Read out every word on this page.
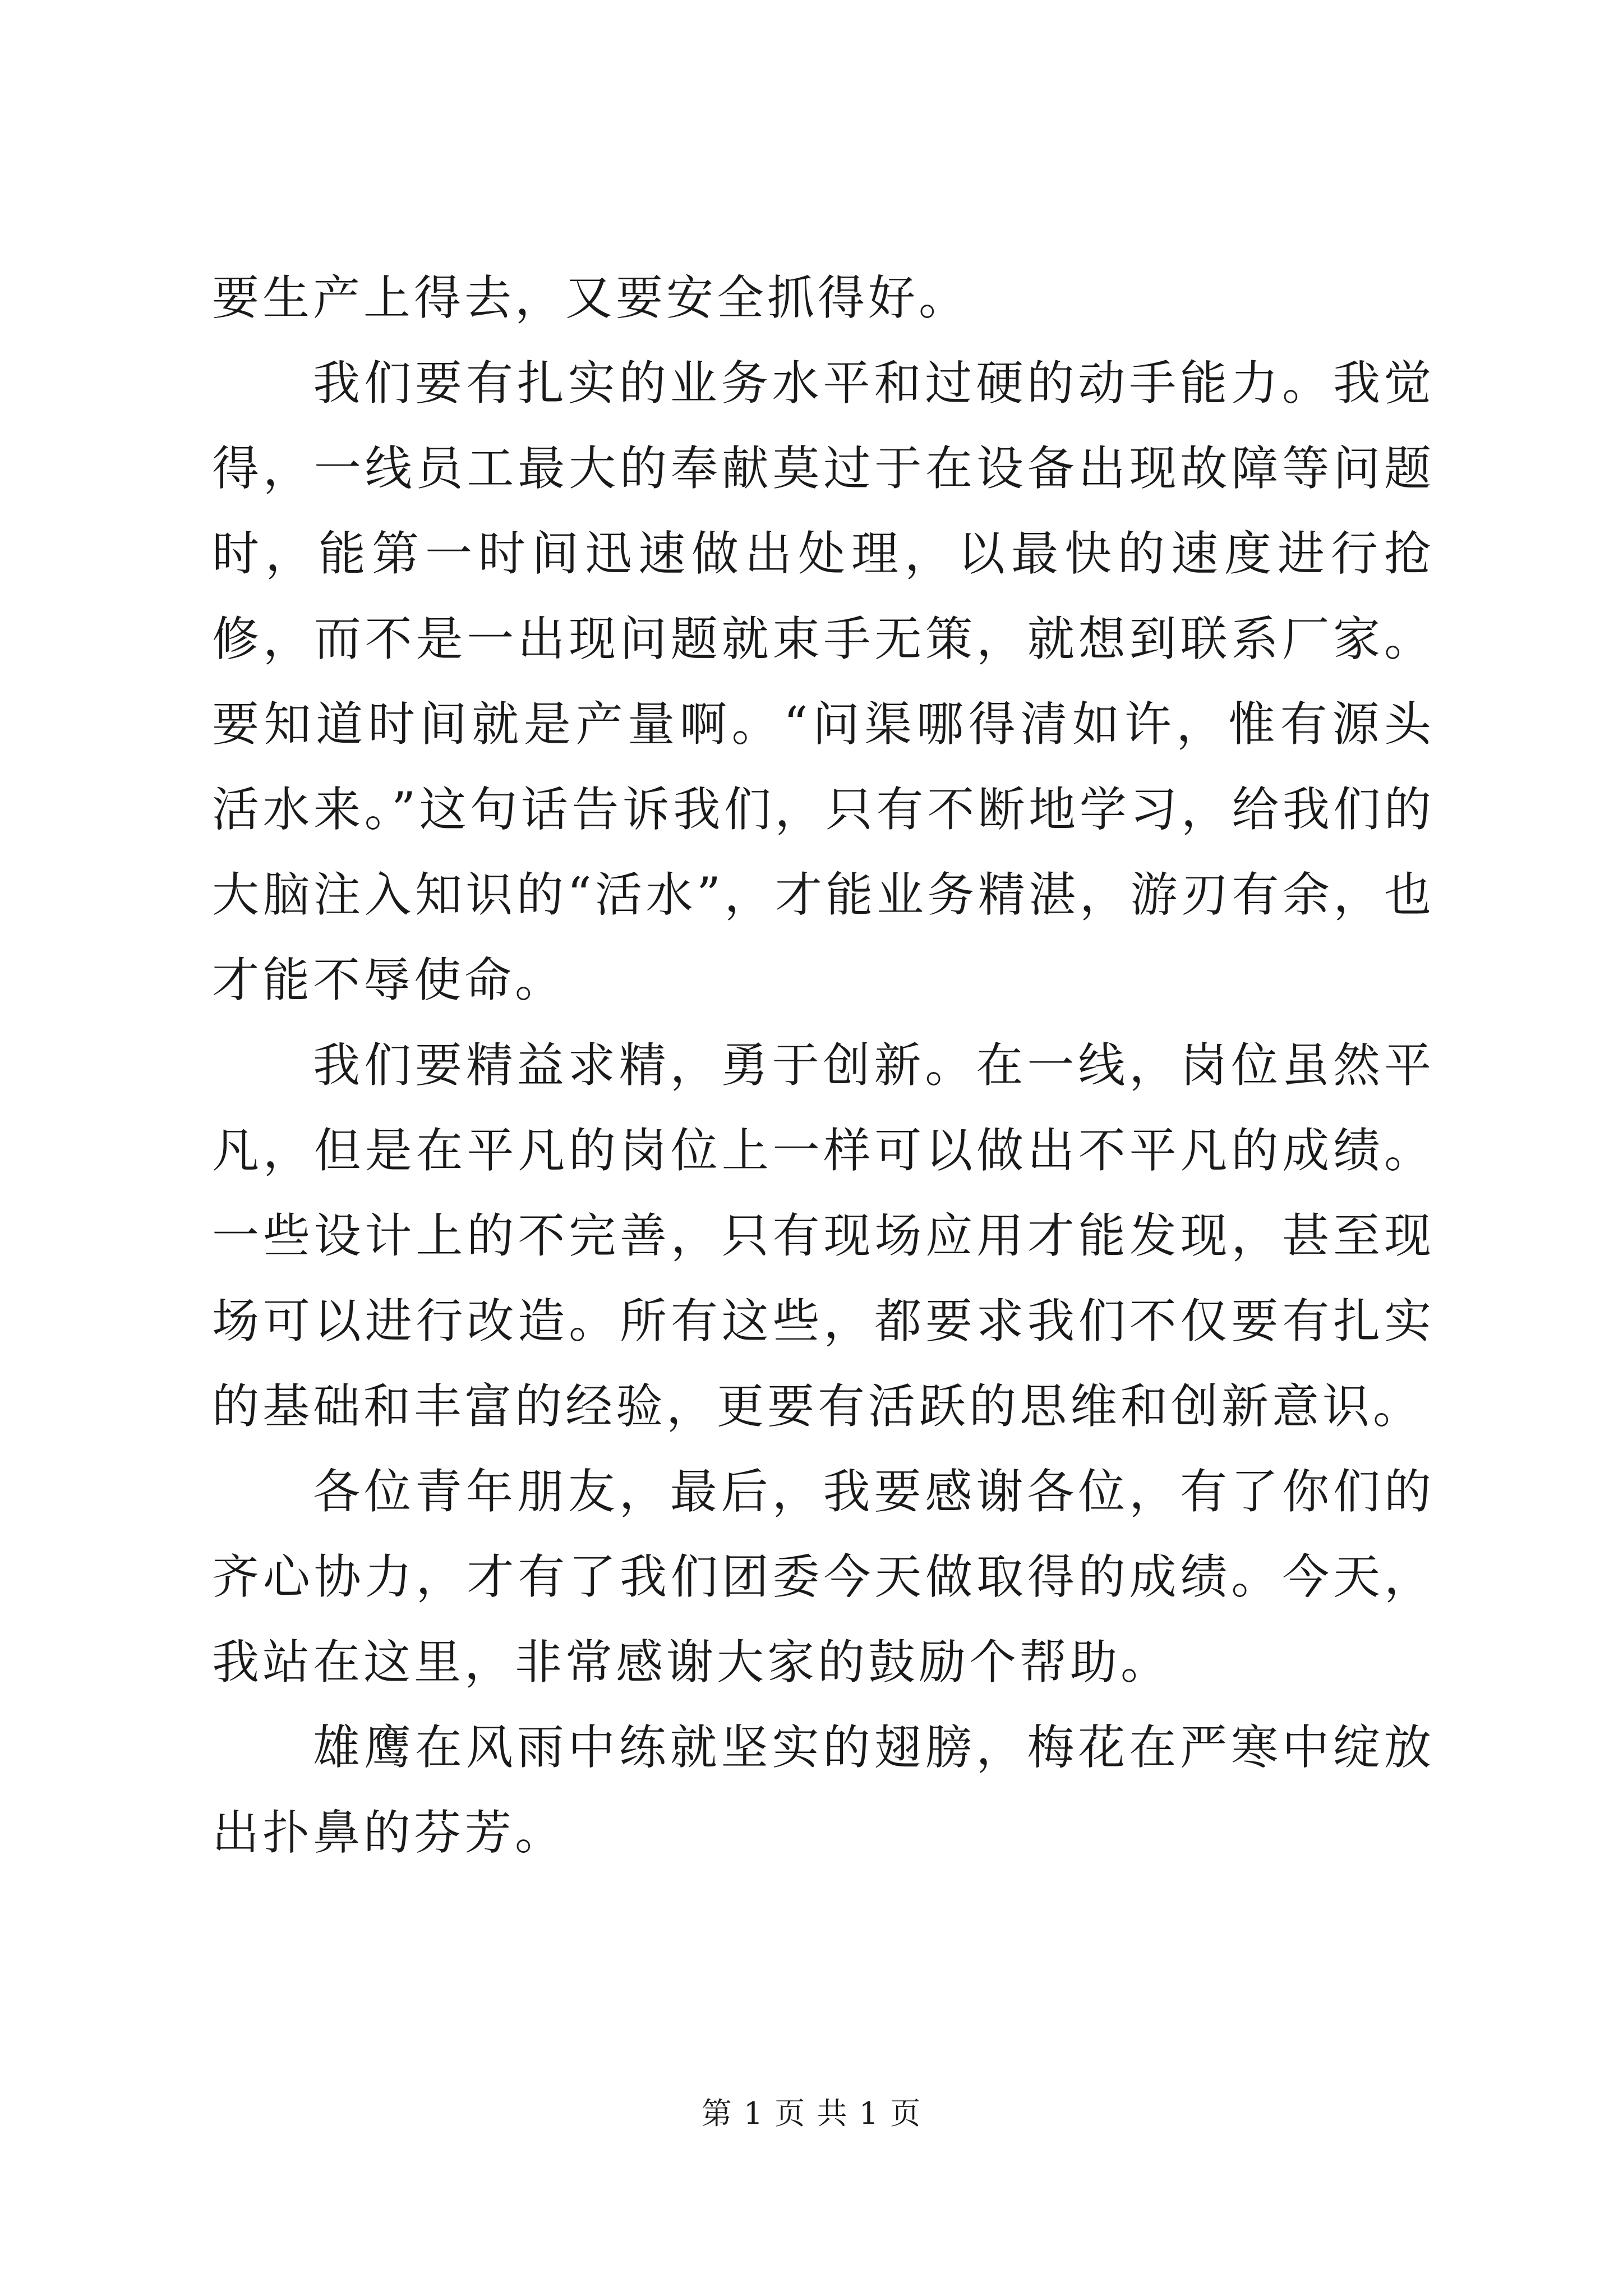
要生产上得去，又要安全抓得好。

我们要有扎实的业务水平和过硬的动手能力。我觉得，一线员工最大的奉献莫过于在设备出现故障等问题时，能第一时间迅速做出处理，以最快的速度进行抢修，而不是一出现问题就束手无策，就想到联系厂家。要知道时间就是产量啊。“问渠哪得清如许，惟有源头活水来。”这句话告诉我们，只有不断地学习，给我们的大脑注入知识的“活水”，才能业务精湛，游刃有余，也才能不辱使命。

我们要精益求精，勇于创新。在一线，岗位虽然平凡，但是在平凡的岗位上一样可以做出不平凡的成绩。一些设计上的不完善，只有现场应用才能发现，甚至现场可以进行改造。所有这些，都要求我们不仅要有扎实的基础和丰富的经验，更要有活跃的思维和创新意识。

各位青年朋友，最后，我要感谢各位，有了你们的齐心协力，才有了我们团委今天做取得的成绩。今天，我站在这里，非常感谢大家的鼓励个帮助。

雄鹰在风雨中练就坚实的翅膀，梅花在严寒中绽放出扑鼻的芬芳。

第 1 页 共 1 页
